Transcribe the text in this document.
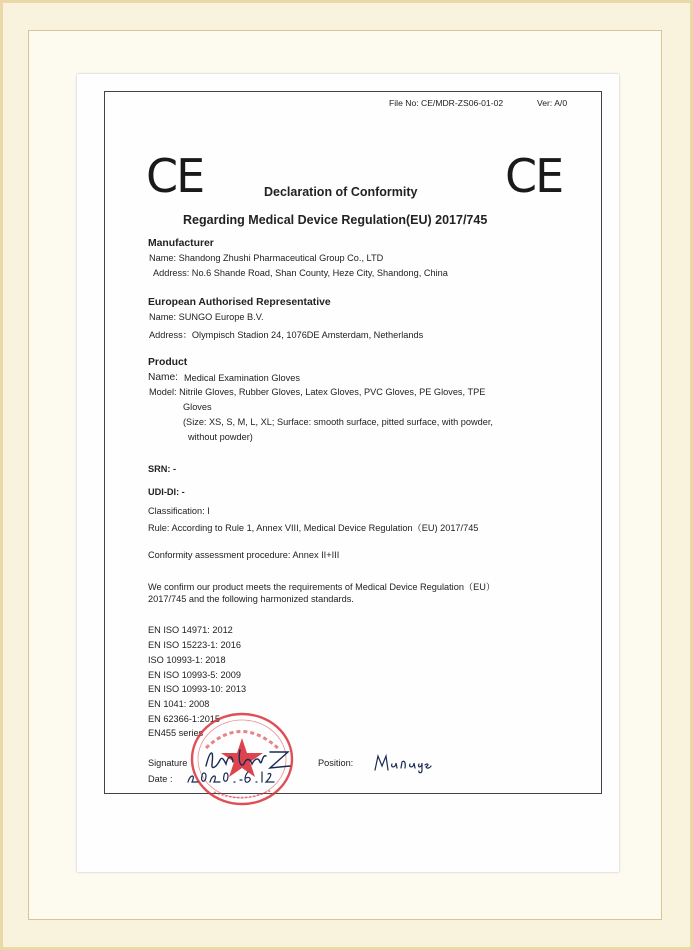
File No: CE/MDR-ZS06-01-02	Ver: A/0
CE	CE
Declaration of Conformity
Regarding Medical Device Regulation(EU) 2017/745
Manufacturer
Name: Shandong Zhushi Pharmaceutical Group Co., LTD
Address: No.6 Shande Road, Shan County, Heze City, Shandong, China
European Authorised Representative
Name: SUNGO Europe B.V.
Address：Olympisch Stadion 24, 1076DE Amsterdam, Netherlands
Product
Name: Medical Examination Gloves
Model: Nitrile Gloves, Rubber Gloves, Latex Gloves, PVC Gloves, PE Gloves, TPE
Gloves
(Size: XS, S, M, L, XL; Surface: smooth surface, pitted surface, with powder,
without powder)
SRN: -
UDI-DI: -
Classification: I
Rule: According to Rule 1, Annex VIII, Medical Device Regulation（EU) 2017/745
Conformity assessment procedure: Annex II+III
We confirm our product meets the requirements of Medical Device Regulation（EU）
2017/745 and the following harmonized standards.
EN ISO 14971: 2012
EN ISO 15223-1: 2016
ISO 10993-1: 2018
EN ISO 10993-5: 2009
EN ISO 10993-10: 2013
EN 1041: 2008
EN 62366-1:2015
EN455 series
Signature
Date :
Position:
